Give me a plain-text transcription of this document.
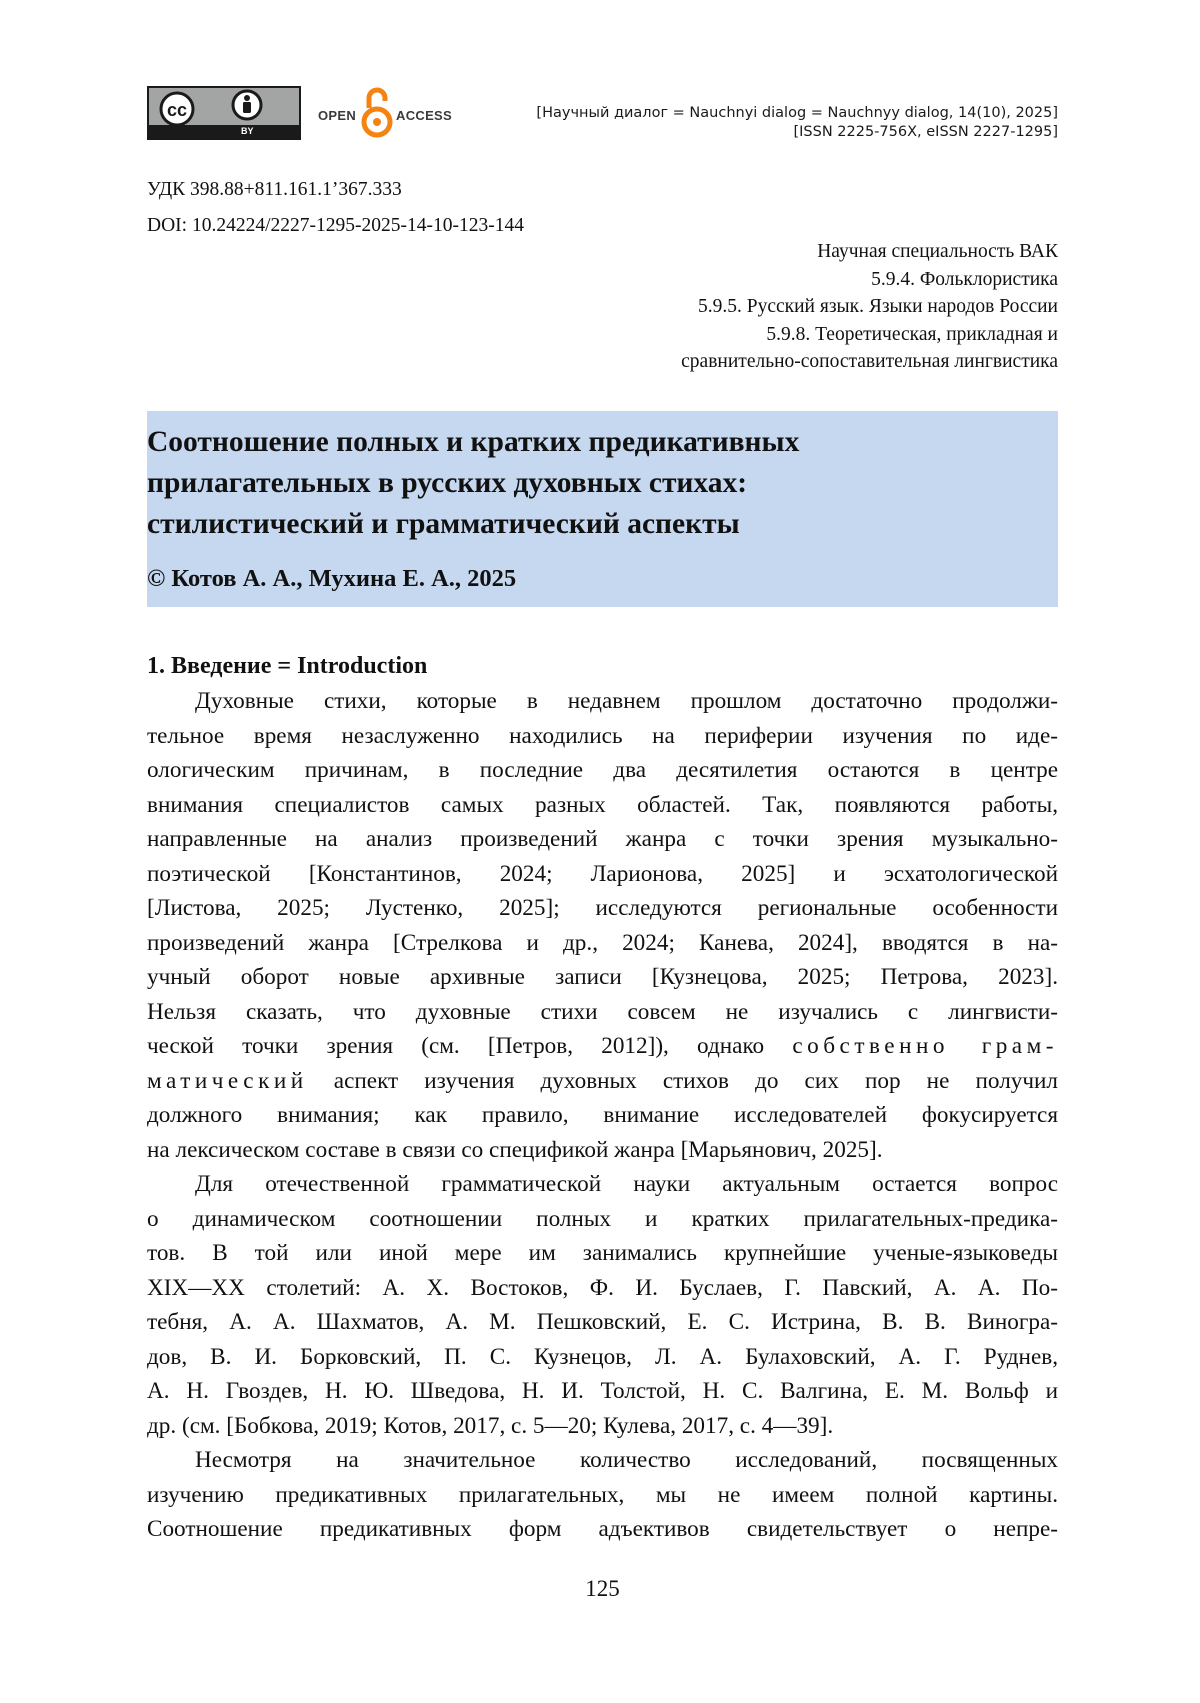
cc
BY
OPEN	ACCESS	[Научный диалог = Nauchnyi dialog = Nauchnyy dialog, 14(10), 2025]
[ISSN 2225-756X, eISSN 2227-1295]
УДК 398.88+811.161.1’367.333
DOI: 10.24224/2227-1295-2025-14-10-123-144
Научная специальность ВАК
5.9.4. Фольклористика
5.9.5. Русский язык. Языки народов России
5.9.8. Теоретическая, прикладная и
сравнительно-сопоставительная лингвистика
Соотношение полных и кратких предикативных
прилагательных в русских духовных стихах:
стилистический и грамматический аспекты
© Котов А. А., Мухина Е. А., 2025
1. Введение = Introduction
Духовные стихи, которые в недавнем прошлом достаточно продолжи-
тельное время незаслуженно находились на периферии изучения по иде-
ологическим причинам, в последние два десятилетия остаются в центре
внимания специалистов самых разных областей. Так, появляются работы,
направленные на анализ произведений жанра с точки зрения музыкально-
поэтической [Константинов, 2024; Ларионова, 2025] и эсхатологической
[Листова, 2025; Лустенко, 2025]; исследуются региональные особенности
произведений жанра [Стрелкова и др., 2024; Канева, 2024], вводятся в на-
учный оборот новые архивные записи [Кузнецова, 2025; Петрова, 2023].
Нельзя сказать, что духовные стихи совсем не изучались с лингвисти-
ческой точки зрения (см. [Петров, 2012]), однако собственно грам-
матический аспект изучения духовных стихов до сих пор не получил
должного внимания; как правило, внимание исследователей фокусируется
на лексическом составе в связи со спецификой жанра [Марьянович, 2025].
Для отечественной грамматической науки актуальным остается вопрос
о динамическом соотношении полных и кратких прилагательных-предика-
тов. В той или иной мере им занимались крупнейшие ученые-языковеды
XIX—XX столетий: А. Х. Востоков, Ф. И. Буслаев, Г. Павский, А. А. По-
тебня, А. А. Шахматов, А. М. Пешковский, Е. С. Истрина, В. В. Виногра-
дов, В. И. Борковский, П. С. Кузнецов, Л. А. Булаховский, А. Г. Руднев,
А. Н. Гвоздев, Н. Ю. Шведова, Н. И. Толстой, Н. С. Валгина, Е. М. Вольф и
др. (см. [Бобкова, 2019; Котов, 2017, с. 5—20; Кулева, 2017, с. 4—39].
Несмотря на значительное количество исследований, посвященных
изучению предикативных прилагательных, мы не имеем полной картины.
Соотношение предикативных форм адъективов свидетельствует о непре-
125
